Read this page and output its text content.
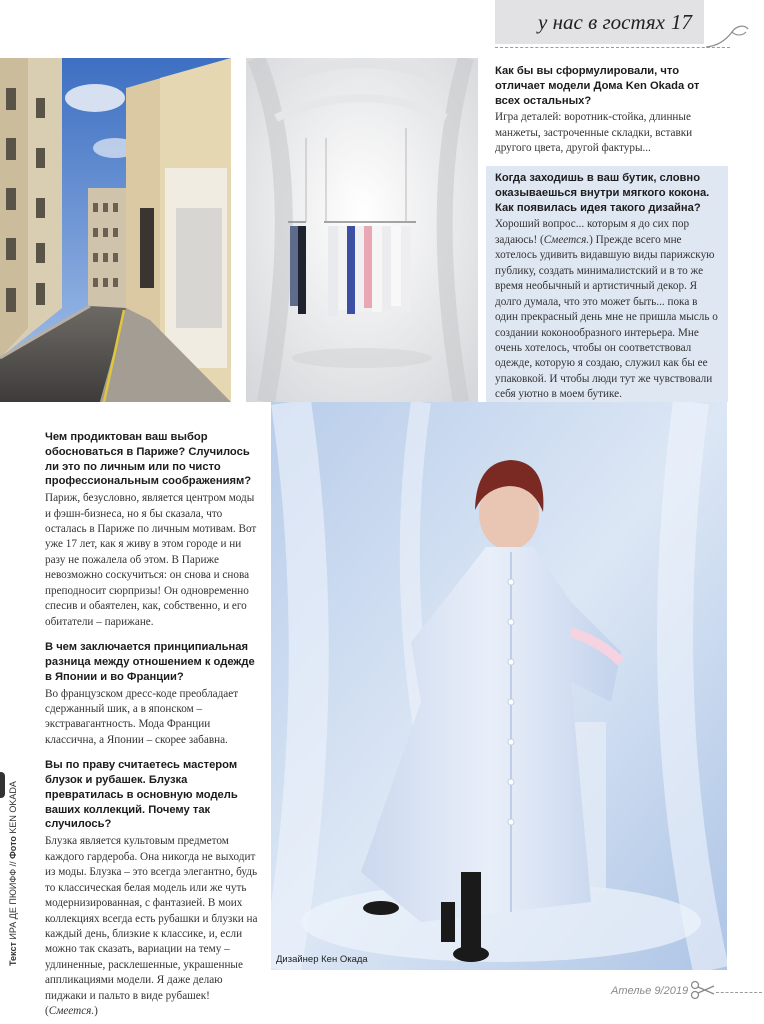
у нас в гостях 17
Как бы вы сформулировали, что отличает модели Дома Ken Okada от всех остальных?
Игра деталей: воротник-стойка, длинные манжеты, застроченные складки, вставки другого цвета, другой фактуры...
Когда заходишь в ваш бутик, словно оказываешься внутри мягкого кокона. Как появилась идея такого дизайна?
Хороший вопрос... которым я до сих пор задаюсь! (Смеется.) Прежде всего мне хотелось удивить видавшую виды парижскую публику, создать минималистский и в то же время необычный и артистичный декор. Я долго думала, что это может быть... пока в один прекрасный день мне не пришла мысль о создании коконообразного интерьера. Мне очень хотелось, чтобы он соответствовал одежде, которую я создаю, служил как бы ее упаковкой. И чтобы люди тут же чувствовали себя уютно в моем бутике.
Дизайнер Кен Окада
Чем продиктован ваш выбор обосноваться в Париже? Случилось ли это по личным или по чисто профессиональным соображениям?
Париж, безусловно, является центром моды и фэшн-бизнеса, но я бы сказала, что осталась в Париже по личным мотивам. Вот уже 17 лет, как я живу в этом городе и ни разу не пожалела об этом. В Париже невозможно соскучиться: он снова и снова преподносит сюрпризы! Он одновременно спесив и обаятелен, как, собственно, и его обитатели – парижане.
В чем заключается принципиальная разница между отношением к одежде в Японии и во Франции?
Во французском дресс-коде преобладает сдержанный шик, а в японском – экстравагантность. Мода Франции классична, а Японии – скорее забавна.
Вы по праву считаетесь мастером блузок и рубашек. Блузка превратилась в основную модель ваших коллекций. Почему так случилось?
Блузка является культовым предметом каждого гардероба. Она никогда не выходит из моды. Блузка – это всегда элегантно, будь то классическая белая модель или же чуть модернизированная, с фантазией. В моих коллекциях всегда есть рубашки и блузки на каждый день, близкие к классике, и, если можно так сказать, вариации на тему – удлиненные, расклешенные, украшенные аппликациями модели. Я даже делаю пиджаки и пальто в виде рубашек! (Смеется.)
Текст ИРА ДЕ ПЮИФФ // Фото KEN OKADA
Ателье 9/2019
